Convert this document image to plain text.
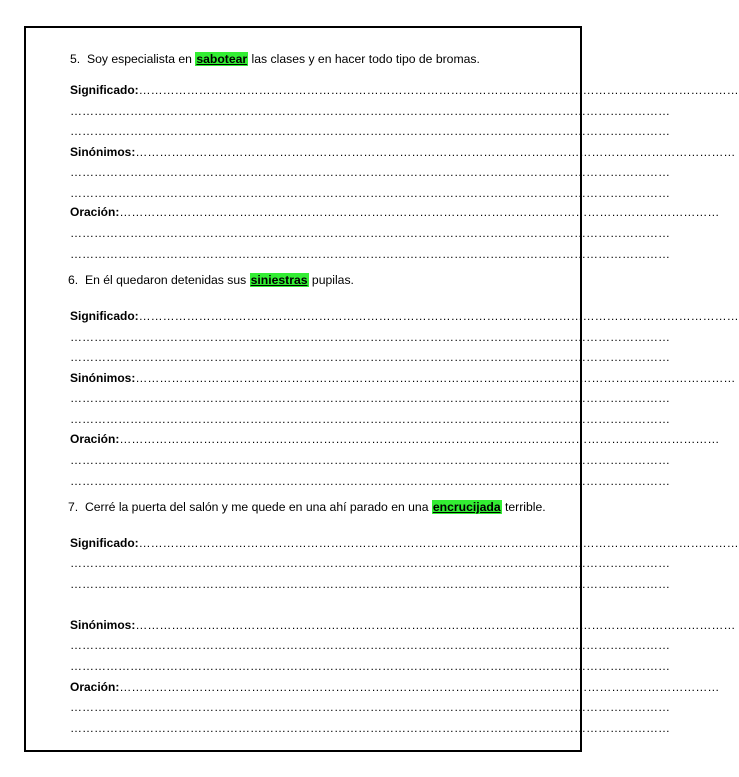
5. Soy especialista en sabotear las clases y en hacer todo tipo de bromas.
Significado:……………………………………………………………………………………………………………………………………
……………………………………………………………………………………………………………………………………
……………………………………………………………………………………………………………………………………
Sinónimos:……………………………………………………………………………………………………………………………………
……………………………………………………………………………………………………………………………………
……………………………………………………………………………………………………………………………………
Oración:……………………………………………………………………………………………………………………………………
……………………………………………………………………………………………………………………………………
……………………………………………………………………………………………………………………………………
6. En él quedaron detenidas sus siniestras pupilas.
Significado:……………………………………………………………………………………………………………………………………
……………………………………………………………………………………………………………………………………
……………………………………………………………………………………………………………………………………
Sinónimos:……………………………………………………………………………………………………………………………………
……………………………………………………………………………………………………………………………………
……………………………………………………………………………………………………………………………………
Oración:……………………………………………………………………………………………………………………………………
……………………………………………………………………………………………………………………………………
……………………………………………………………………………………………………………………………………
7. Cerré la puerta del salón y me quede en una ahí parado en una encrucijada terrible.
Significado:……………………………………………………………………………………………………………………………………
……………………………………………………………………………………………………………………………………
……………………………………………………………………………………………………………………………………
Sinónimos:……………………………………………………………………………………………………………………………………
……………………………………………………………………………………………………………………………………
……………………………………………………………………………………………………………………………………
Oración:……………………………………………………………………………………………………………………………………
……………………………………………………………………………………………………………………………………
……………………………………………………………………………………………………………………………………
